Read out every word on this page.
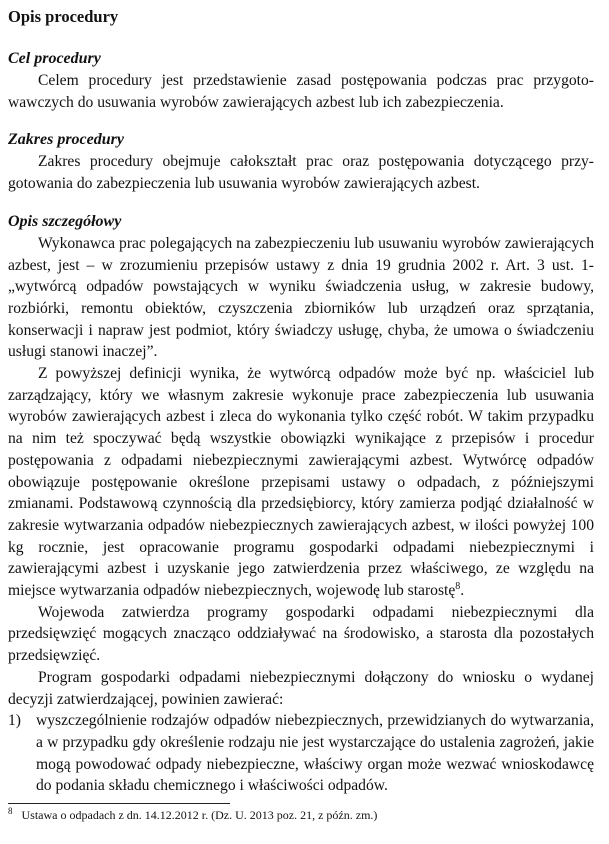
Opis procedury
Cel procedury

Celem procedury jest przedstawienie zasad postępowania podczas prac przygotowawczych do usuwania wyrobów zawierających azbest lub ich zabezpieczenia.

Zakres procedury

Zakres procedury obejmuje całokształt prac oraz postępowania dotyczącego przygotowania do zabezpieczenia lub usuwania wyrobów zawierających azbest.

Opis szczegółowy

Wykonawca prac polegających na zabezpieczeniu lub usuwaniu wyrobów zawierających azbest, jest – w zrozumieniu przepisów ustawy z dnia 19 grudnia 2002 r. Art. 3 ust. 1- „wytwórcą odpadów powstających w wyniku świadczenia usług, w zakresie budowy, rozbiórki, remontu obiektów, czyszczenia zbiorników lub urządzeń oraz sprzątania, konserwacji i napraw jest podmiot, który świadczy usługę, chyba, że umowa o świadczeniu usługi stanowi inaczej”.

Z powyższej definicji wynika, że wytwórcą odpadów może być np. właściciel lub zarządzający, który we własnym zakresie wykonuje prace zabezpieczenia lub usuwania wyrobów zawierających azbest i zleca do wykonania tylko część robót. W takim przypadku na nim też spoczywać będą wszystkie obowiązki wynikające z przepisów i procedur postępowania z odpadami niebezpiecznymi zawierającymi azbest. Wytwórcę odpadów obowiązuje postępowanie określone przepisami ustawy o odpadach, z późniejszymi zmianami. Podstawową czynnością dla przedsiębiorcy, który zamierza podjąć działalność w zakresie wytwarzania odpadów niebezpiecznych zawierających azbest, w ilości powyżej 100 kg rocznie, jest opracowanie programu gospodarki odpadami niebezpiecznymi i zawierającymi azbest i uzyskanie jego zatwierdzenia przez właściwego, ze względu na miejsce wytwarzania odpadów niebezpiecznych, wojewodę lub starostę$^8$.

Wojewoda zatwierdza programy gospodarki odpadami niebezpiecznymi dla przedsięwzięć mogących znacząco oddziaływać na środowisko, a starosta dla pozostałych przedsięwzięć.

Program gospodarki odpadami niebezpiecznymi dołączony do wniosku o wydanej decyzji zatwierdzającej, powinien zawierać:

1) wyszczególnienie rodzajów odpadów niebezpiecznych, przewidzianych do wytwarzania, a w przypadku gdy określenie rodzaju nie jest wystarczające do ustalenia zagrożeń, jakie mogą powodować odpady niebezpieczne, właściwy organ może wezwać wnioskodawcę do podania składu chemicznego i właściwości odpadów.
$^8$ Ustawa o odpadach z dn. 14.12.2012 r. (Dz. U. 2013 poz. 21, z późn. zm.)
